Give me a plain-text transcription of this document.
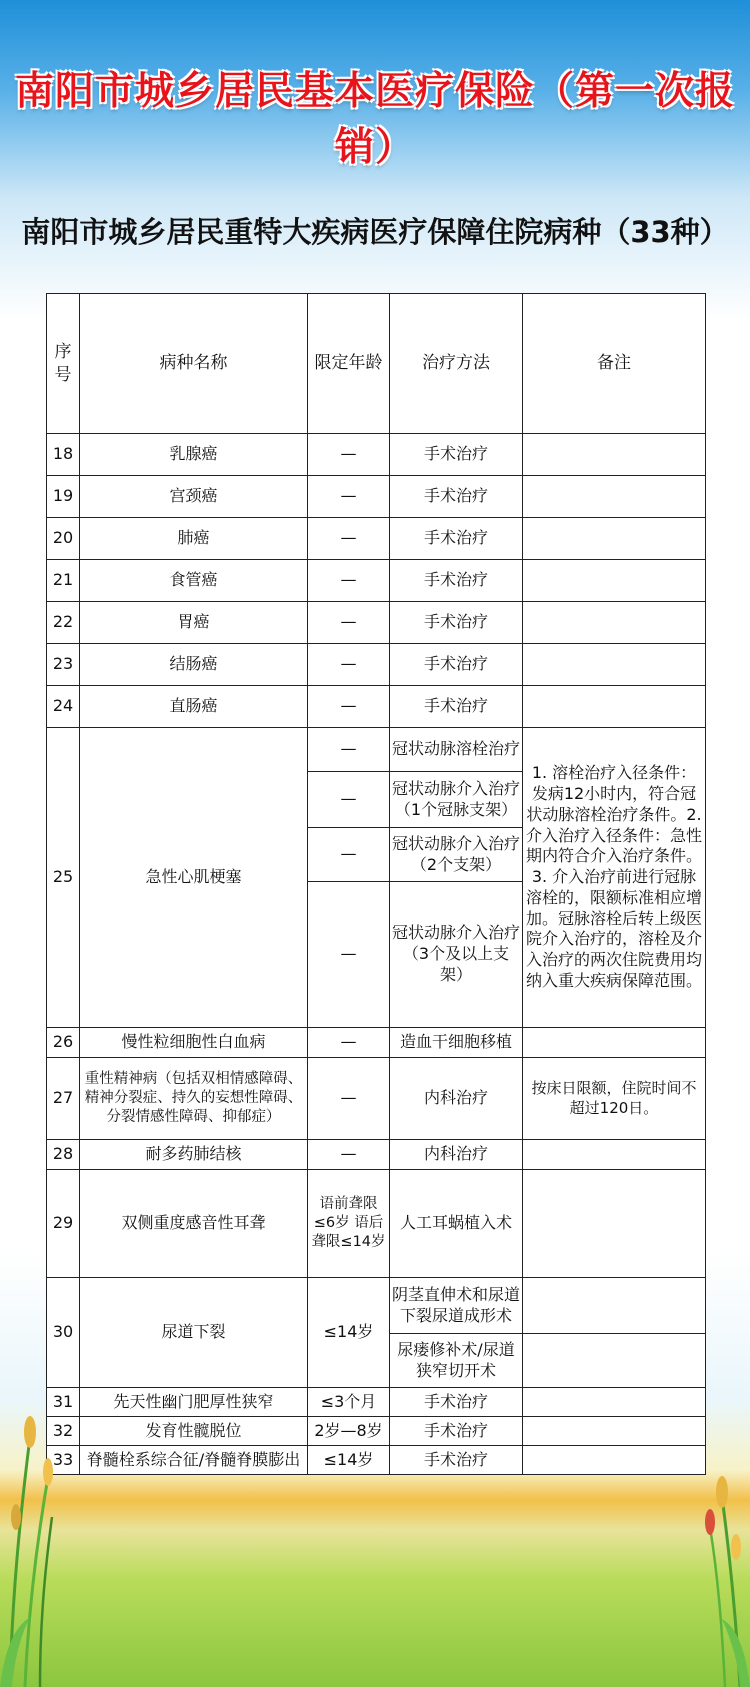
南阳市城乡居民基本医疗保险（第一次报销）
南阳市城乡居民重特大疾病医疗保障住院病种（33种）
序号	病种名称	限定年龄	治疗方法	备注
18	乳腺癌	—	手术治疗	
19	宫颈癌	—	手术治疗	
20	肺癌	—	手术治疗	
21	食管癌	—	手术治疗	
22	胃癌	—	手术治疗	
23	结肠癌	—	手术治疗	
24	直肠癌	—	手术治疗	
25	急性心肌梗塞	—	冠状动脉溶栓治疗	1. 溶栓治疗入径条件：发病12小时内，符合冠状动脉溶栓治疗条件。2. 介入治疗入径条件：急性期内符合介入治疗条件。3. 介入治疗前进行冠脉溶栓的，限额标准相应增加。冠脉溶栓后转上级医院介入治疗的，溶栓及介入治疗的两次住院费用均纳入重大疾病保障范围。
		—	冠状动脉介入治疗（1个冠脉支架）	
		—	冠状动脉介入治疗（2个支架）	
		—	冠状动脉介入治疗（3个及以上支架）	
26	慢性粒细胞性白血病	—	造血干细胞移植	
27	重性精神病（包括双相情感障碍、精神分裂症、持久的妄想性障碍、分裂情感性障碍、抑郁症）	—	内科治疗	按床日限额，住院时间不超过120日。
28	耐多药肺结核	—	内科治疗	
29	双侧重度感音性耳聋	语前聋限≤6岁 语后聋限≤14岁	人工耳蜗植入术	
30	尿道下裂	≤14岁	阴茎直伸术和尿道下裂尿道成形术	
			尿瘘修补术/尿道狭窄切开术	
31	先天性幽门肥厚性狭窄	≤3个月	手术治疗	
32	发育性髋脱位	2岁—8岁	手术治疗	
33	脊髓栓系综合征/脊髓脊膜膨出	≤14岁	手术治疗	
